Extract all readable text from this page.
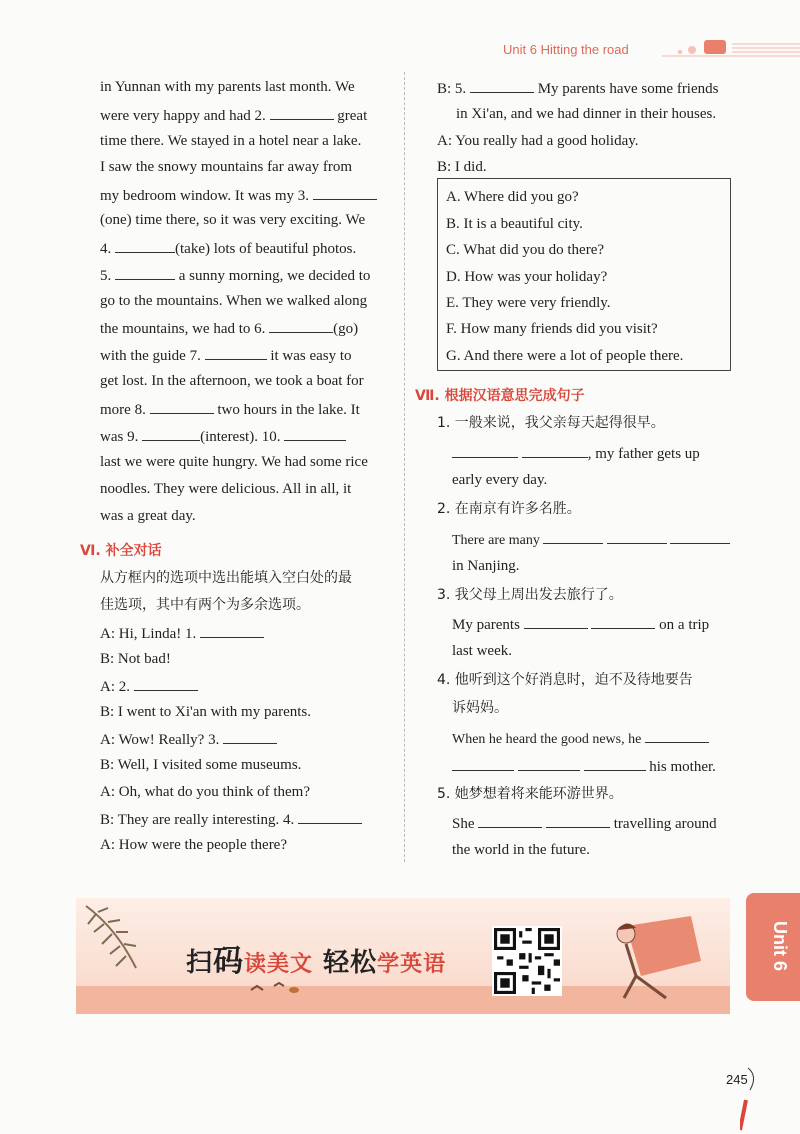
Unit 6 Hitting the road
in Yunnan with my parents last month. We
were very happy and had 2.	great
time there. We stayed in a hotel near a lake.
I saw the snowy mountains far away from
my bedroom window. It was my 3.
(one) time there, so it was very exciting. We
4.	(take) lots of beautiful photos.
5.	a sunny morning, we decided to
go to the mountains. When we walked along
the mountains, we had to 6.	(go)
with the guide 7.	it was easy to
get lost. In the afternoon, we took a boat for
more 8.	two hours in the lake. It
was 9.	(interest). 10.
last we were quite hungry. We had some rice
noodles. They were delicious. All in all, it
was a great day.
Ⅵ. 补全对话
从方框内的选项中选出能填入空白处的最
佳选项，其中有两个为多余选项。
A: Hi, Linda! 1.
B: Not bad!
A: 2.
B: I went to Xi'an with my parents.
A: Wow! Really? 3.
B: Well, I visited some museums.
A: Oh, what do you think of them?
B: They are really interesting. 4.
A: How were the people there?
B: 5.	My parents have some friends
in Xi'an, and we had dinner in their houses.
A: You really had a good holiday.
B: I did.
A. Where did you go?
B. It is a beautiful city.
C. What did you do there?
D. How was your holiday?
E. They were very friendly.
F. How many friends did you visit?
G. And there were a lot of people there.
Ⅶ. 根据汉语意思完成句子
1. 一般来说，我父亲每天起得很早。
, my father gets up
early every day.
2. 在南京有许多名胜。
There are many
in Nanjing.
3. 我父母上周出发去旅行了。
My parents	on a trip
last week.
4. 他听到这个好消息时，迫不及待地要告
诉妈妈。
When he heard the good news, he
his mother.
5. 她梦想着将来能环游世界。
She	travelling around
the world in the future.
扫码读美文 轻松学英语	Unit 6
245
